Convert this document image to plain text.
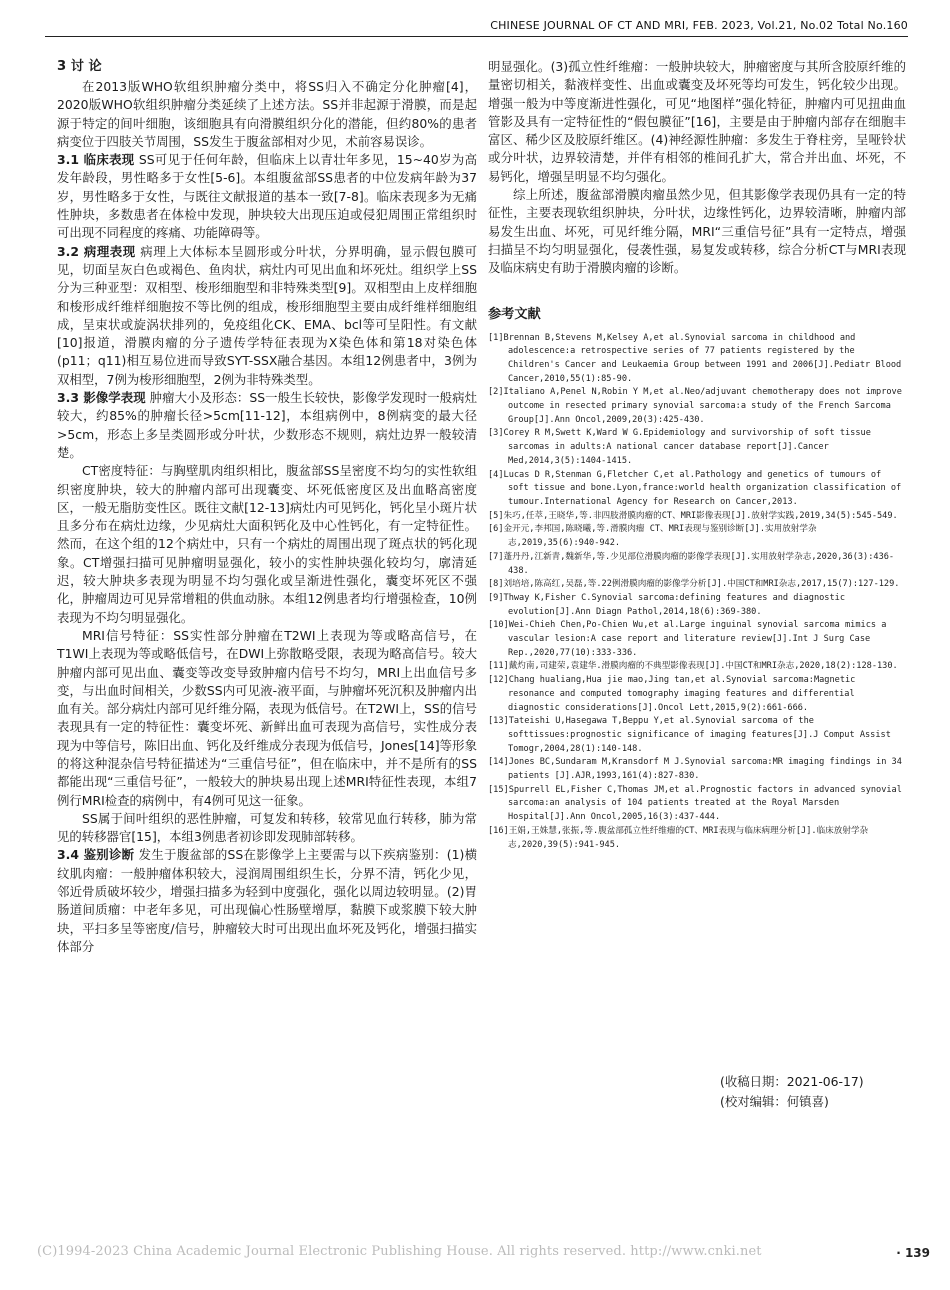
CHINESE JOURNAL OF CT AND MRI, FEB. 2023, Vol.21, No.02 Total No.160
3 讨 论

在2013版WHO软组织肿瘤分类中，将SS归入不确定分化肿瘤[4]，2020版WHO软组织肿瘤分类延续了上述方法。SS并非起源于滑膜，而是起源于特定的间叶细胞，该细胞具有向滑膜组织分化的潜能，但约80%的患者病变位于四肢关节周围，SS发生于腹盆部相对少见，术前容易误诊。

3.1 临床表现 SS可见于任何年龄，但临床上以青壮年多见，15~40岁为高发年龄段，男性略多于女性[5-6]。本组腹盆部SS患者的中位发病年龄为37岁，男性略多于女性，与既往文献报道的基本一致[7-8]。临床表现多为无痛性肿块，多数患者在体检中发现，肿块较大出现压迫或侵犯周围正常组织时可出现不同程度的疼痛、功能障碍等。

3.2 病理表现 病理上大体标本呈圆形或分叶状，分界明确，显示假包膜可见，切面呈灰白色或褐色、鱼肉状，病灶内可见出血和坏死灶。组织学上SS分为三种亚型：双相型、梭形细胞型和非特殊类型[9]。双相型由上皮样细胞和梭形成纤维样细胞按不等比例的组成，梭形细胞型主要由成纤维样细胞组成，呈束状或旋涡状排列的，免疫组化CK、EMA、bcl等可呈阳性。有文献[10]报道，滑膜肉瘤的分子遗传学特征表现为X染色体和第18对染色体(p11；q11)相互易位进而导致SYT-SSX融合基因。本组12例患者中，3例为双相型，7例为梭形细胞型，2例为非特殊类型。

3.3 影像学表现 肿瘤大小及形态：SS一般生长较快，影像学发现时一般病灶较大，约85%的肿瘤长径>5cm[11-12]，本组病例中，8例病变的最大径>5cm，形态上多呈类圆形或分叶状，少数形态不规则，病灶边界一般较清楚。

CT密度特征：与胸壁肌肉组织相比，腹盆部SS呈密度不均匀的实性软组织密度肿块，较大的肿瘤内部可出现囊变、坏死低密度区及出血略高密度区，一般无脂肪变性区。既往文献[12-13]病灶内可见钙化，钙化呈小斑片状且多分布在病灶边缘，少见病灶大面积钙化及中心性钙化，有一定特征性。然而，在这个组的12个病灶中，只有一个病灶的周围出现了斑点状的钙化现象。CT增强扫描可见肿瘤明显强化，较小的实性肿块强化较均匀，廓清延迟，较大肿块多表现为明显不均匀强化或呈渐进性强化，囊变坏死区不强化，肿瘤周边可见异常增粗的供血动脉。本组12例患者均行增强检查，10例表现为不均匀明显强化。

MRI信号特征：SS实性部分肿瘤在T2WI上表现为等或略高信号，在T1WI上表现为等或略低信号，在DWI上弥散略受限，表现为略高信号。较大肿瘤内部可见出血、囊变等改变导致肿瘤内信号不均匀，MRI上出血信号多变，与出血时间相关，少数SS内可见液-液平面，与肿瘤坏死沉积及肿瘤内出血有关。部分病灶内部可见纤维分隔，表现为低信号。在T2WI上，SS的信号表现具有一定的特征性：囊变坏死、新鲜出血可表现为高信号，实性成分表现为中等信号，陈旧出血、钙化及纤维成分表现为低信号，Jones[14]等形象的将这种混杂信号特征描述为“三重信号征”，但在临床中，并不是所有的SS都能出现“三重信号征”，一般较大的肿块易出现上述MRI特征性表现，本组7例行MRI检查的病例中，有4例可见这一征象。

SS属于间叶组织的恶性肿瘤，可复发和转移，较常见血行转移，肺为常见的转移器官[15]，本组3例患者初诊即发现肺部转移。

3.4 鉴别诊断 发生于腹盆部的SS在影像学上主要需与以下疾病鉴别：(1)横纹肌肉瘤：一般肿瘤体积较大，浸润周围组织生长，分界不清，钙化少见，邻近骨质破坏较少，增强扫描多为轻到中度强化，强化以周边较明显。(2)胃肠道间质瘤：中老年多见，可出现偏心性肠壁增厚，黏膜下或浆膜下较大肿块，平扫多呈等密度/信号，肿瘤较大时可出现出血坏死及钙化，增强扫描实体部分

明显强化。(3)孤立性纤维瘤：一般肿块较大，肿瘤密度与其所含胶原纤维的量密切相关，黏液样变性、出血或囊变及坏死等均可发生，钙化较少出现。增强一般为中等度渐进性强化，可见“地图样”强化特征，肿瘤内可见扭曲血管影及具有一定特征性的“假包膜征”[16]，主要是由于肿瘤内部存在细胞丰富区、稀少区及胶原纤维区。(4)神经源性肿瘤：多发生于脊柱旁，呈哑铃状或分叶状，边界较清楚，并伴有相邻的椎间孔扩大，常合并出血、坏死，不易钙化，增强呈明显不均匀强化。

综上所述，腹盆部滑膜肉瘤虽然少见，但其影像学表现仍具有一定的特征性，主要表现软组织肿块，分叶状，边缘性钙化，边界较清晰，肿瘤内部易发生出血、坏死，可见纤维分隔，MRI“三重信号征”具有一定特点，增强扫描呈不均匀明显强化，侵袭性强，易复发或转移，综合分析CT与MRI表现及临床病史有助于滑膜肉瘤的诊断。

参考文献

[1]Brennan B,Stevens M,Kelsey A,et al.Synovial sarcoma in childhood and adolescence:a retrospective series of 77 patients registered by the Children's Cancer and Leukaemia Group between 1991 and 2006[J].Pediatr Blood Cancer,2010,55(1):85-90.

[2]Italiano A,Penel N,Robin Y M,et al.Neo/adjuvant chemotherapy does not improve outcome in resected primary synovial sarcoma:a study of the French Sarcoma Group[J].Ann Oncol,2009,20(3):425-430.

[3]Corey R M,Swett K,Ward W G.Epidemiology and survivorship of soft tissue sarcomas in adults:A national cancer database report[J].Cancer Med,2014,3(5):1404-1415.

[4]Lucas D R,Stenman G,Fletcher C,et al.Pathology and genetics of tumours of soft tissue and bone.Lyon,france:world health organization classification of tumour.International Agency for Research on Cancer,2013.

[5]朱巧,任萃,王晓华,等.非四肢滑膜肉瘤的CT、MRI影像表现[J].放射学实践,2019,34(5):545-549.

[6]金开元,李邦国,陈晓曦,等.滑膜肉瘤 CT、MRI表现与鉴别诊断[J].实用放射学杂志,2019,35(6):940-942.

[7]蓬丹丹,江新青,魏新华,等.少见部位滑膜肉瘤的影像学表现[J].实用放射学杂志,2020,36(3):436-438.

[8]刘培培,陈高红,吴磊,等.22例滑膜肉瘤的影像学分析[J].中国CT和MRI杂志,2017,15(7):127-129.

[9]Thway K,Fisher C.Synovial sarcoma:defining features and diagnostic evolution[J].Ann Diagn Pathol,2014,18(6):369-380.

[10]Wei-Chieh Chen,Po-Chien Wu,et al.Large inguinal synovial sarcoma mimics a vascular lesion:A case report and literature review[J].Int J Surg Case Rep.,2020,77(10):333-336.

[11]戴灼南,司建荣,袁建华.滑膜肉瘤的不典型影像表现[J].中国CT和MRI杂志,2020,18(2):128-130.

[12]Chang hualiang,Hua jie mao,Jing tan,et al.Synovial sarcoma:Magnetic resonance and computed tomography imaging features and differential diagnostic considerations[J].Oncol Lett,2015,9(2):661-666.

[13]Tateishi U,Hasegawa T,Beppu Y,et al.Synovial sarcoma of the softtissues:prognostic significance of imaging features[J].J Comput Assist Tomogr,2004,28(1):140-148.

[14]Jones BC,Sundaram M,Kransdorf M J.Synovial sarcoma:MR imaging findings in 34 patients [J].AJR,1993,161(4):827-830.

[15]Spurrell EL,Fisher C,Thomas JM,et al.Prognostic factors in advanced synovial sarcoma:an analysis of 104 patients treated at the Royal Marsden Hospital[J].Ann Oncol,2005,16(3):437-444.

[16]王娟,王姝慧,张振,等.腹盆部孤立性纤维瘤的CT、MRI表现与临床病理分析[J].临床放射学杂志,2020,39(5):941-945.

(收稿日期：2021-06-17)
(校对编辑：何镇喜)
(C)1994-2023 China Academic Journal Electronic Publishing House. All rights reserved. http://www.cnki.net	· 139
